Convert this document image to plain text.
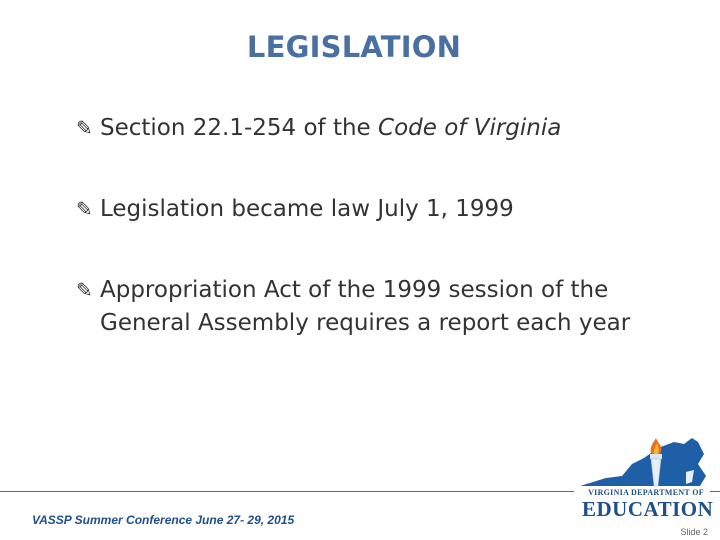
LEGISLATION
✎ Section 22.1-254 of the Code of Virginia
✎ Legislation became law July 1, 1999
✎ Appropriation Act of the 1999 session of the
General Assembly requires a report each year
VASSP Summer Conference June 27- 29, 2015
VIRGINIA DEPARTMENT OF
EDUCATION
Slide 2
